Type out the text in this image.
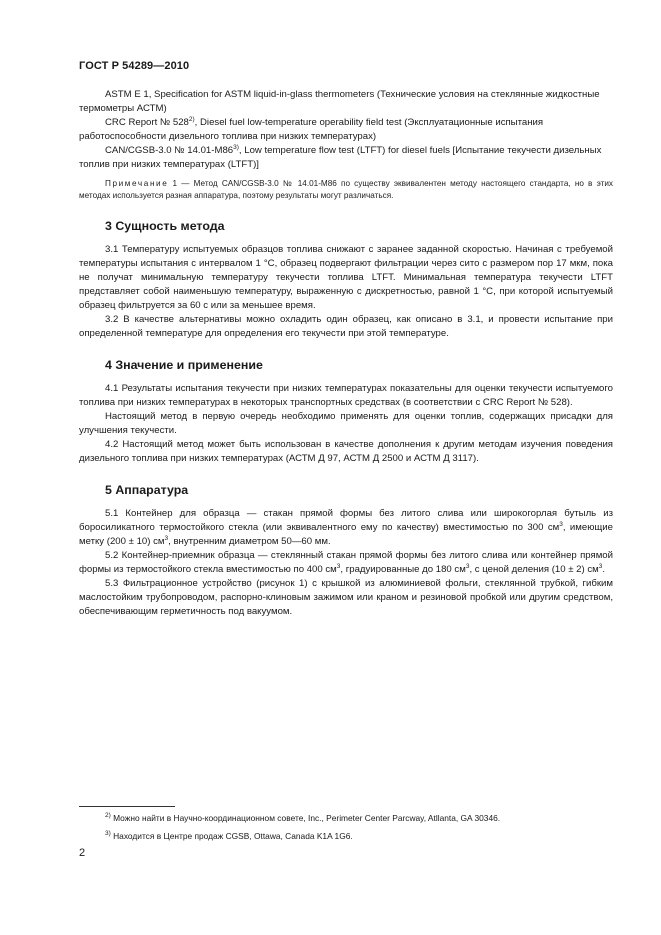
ГОСТ Р 54289—2010

ASTM E 1, Specification for ASTM liquid-in-glass thermometers (Технические условия на стеклянные жидкостные термометры АСТМ)

CRC Report № 528$^{2)}$, Diesel fuel low-temperature operability field test (Эксплуатационные испытания работоспособности дизельного топлива при низких температурах)

CAN/CGSB-3.0 № 14.01-M86$^{3)}$, Low temperature flow test (LTFT) for diesel fuels [Испытание текучести дизельных топлив при низких температурах (LTFT)]

Примечание 1 — Метод CAN/CGSB-3.0 № 14.01-M86 по существу эквивалентен методу настоящего стандарта, но в этих методах используется разная аппаратура, поэтому результаты могут различаться.
3 Сущность метода

3.1 Температуру испытуемых образцов топлива снижают с заранее заданной скоростью. Начиная с требуемой температуры испытания с интервалом 1 °С, образец подвергают фильтрации через сито с размером пор 17 мкм, пока не получат минимальную температуру текучести топлива LTFT. Минимальная температура текучести LTFT представляет собой наименьшую температуру, выраженную с дискретностью, равной 1 °С, при которой испытуемый образец фильтруется за 60 с или за меньшее время.

3.2 В качестве альтернативы можно охладить один образец, как описано в 3.1, и провести испытание при определенной температуре для определения его текучести при этой температуре.

4 Значение и применение

4.1 Результаты испытания текучести при низких температурах показательны для оценки текучести испытуемого топлива при низких температурах в некоторых транспортных средствах (в соответствии с CRC Report № 528).

Настоящий метод в первую очередь необходимо применять для оценки топлив, содержащих присадки для улучшения текучести.

4.2 Настоящий метод может быть использован в качестве дополнения к другим методам изучения поведения дизельного топлива при низких температурах (АСТМ Д 97, АСТМ Д 2500 и АСТМ Д 3117).

5 Аппаратура

5.1 Контейнер для образца — стакан прямой формы без литого слива или широкогорлая бутыль из боросиликатного термостойкого стекла (или эквивалентного ему по качеству) вместимостью по 300 $см^3$, имеющие метку (200 ± 10) $см^3$, внутренним диаметром 50—60 мм.

5.2 Контейнер-приемник образца — стеклянный стакан прямой формы без литого слива или контейнер прямой формы из термостойкого стекла вместимостью по 400 $см^3$, градуированные до 180 $см^3$, с ценой деления (10 ± 2) $см^3$.

5.3 Фильтрационное устройство (рисунок 1) с крышкой из алюминиевой фольги, стеклянной трубкой, гибким маслостойким трубопроводом, распорно-клиновым зажимом или краном и резиновой пробкой или другим средством, обеспечивающим герметичность под вакуумом.

$^{2)}$ Можно найти в Научно-координационном совете, Inc., Perimeter Center Parcway, Atllanta, GA 30346.
$^{3)}$ Находится в Центре продаж CGSB, Ottawa, Canada K1A 1G6.
2
